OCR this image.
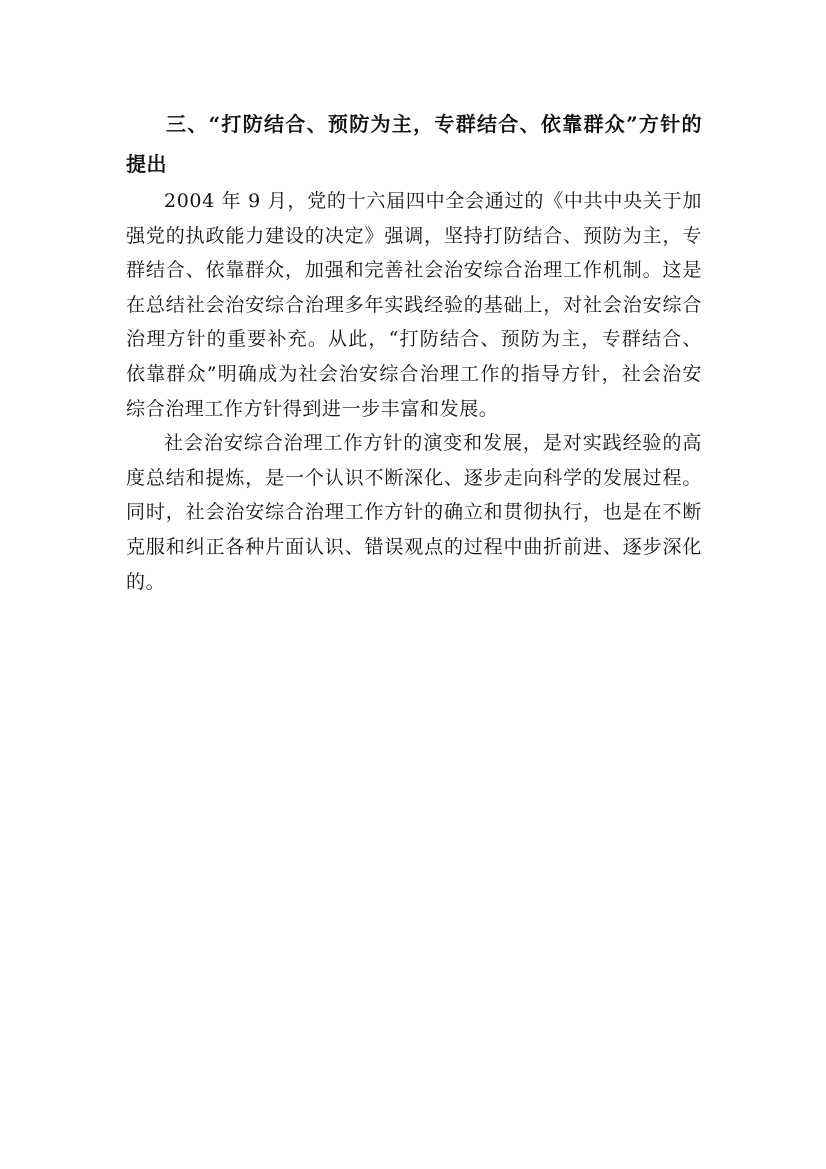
三、“打防结合、预防为主，专群结合、依靠群众”方针的提出

2004 年 9 月，党的十六届四中全会通过的《中共中央关于加强党的执政能力建设的决定》强调，坚持打防结合、预防为主，专群结合、依靠群众，加强和完善社会治安综合治理工作机制。这是在总结社会治安综合治理多年实践经验的基础上，对社会治安综合治理方针的重要补充。从此，“打防结合、预防为主，专群结合、依靠群众”明确成为社会治安综合治理工作的指导方针，社会治安综合治理工作方针得到进一步丰富和发展。

社会治安综合治理工作方针的演变和发展，是对实践经验的高度总结和提炼，是一个认识不断深化、逐步走向科学的发展过程。同时，社会治安综合治理工作方针的确立和贯彻执行，也是在不断克服和纠正各种片面认识、错误观点的过程中曲折前进、逐步深化的。
